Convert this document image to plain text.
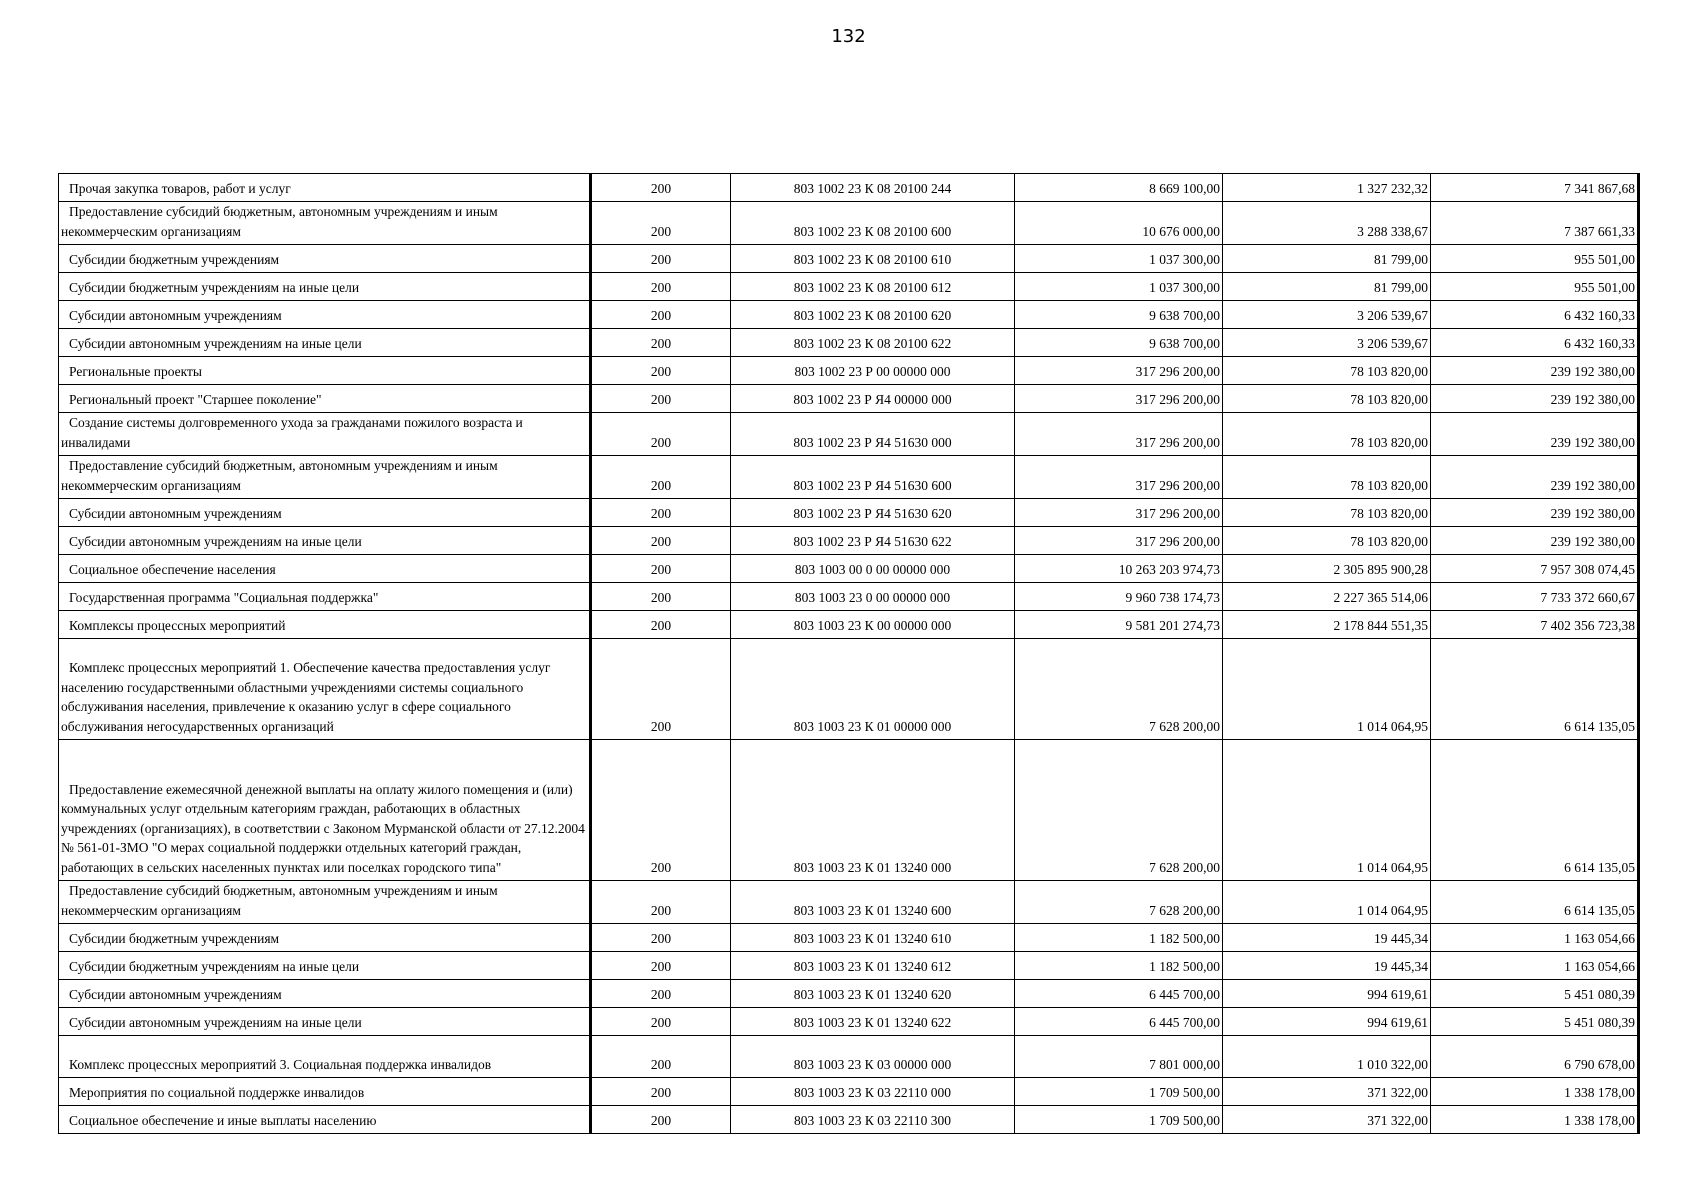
132
Прочая закупка товаров, работ и услуг	200	803 1002 23 К 08 20100 244	8 669 100,00	1 327 232,32	7 341 867,68

Предоставление субсидий бюджетным, автономным учреждениям и иным некоммерческим организациям	200	803 1002 23 К 08 20100 600	10 676 000,00	3 288 338,67	7 387 661,33

Субсидии бюджетным учреждениям	200	803 1002 23 К 08 20100 610	1 037 300,00	81 799,00	955 501,00

Субсидии бюджетным учреждениям на иные цели	200	803 1002 23 К 08 20100 612	1 037 300,00	81 799,00	955 501,00

Субсидии автономным учреждениям	200	803 1002 23 К 08 20100 620	9 638 700,00	3 206 539,67	6 432 160,33

Субсидии автономным учреждениям на иные цели	200	803 1002 23 К 08 20100 622	9 638 700,00	3 206 539,67	6 432 160,33

Региональные проекты	200	803 1002 23 Р 00 00000 000	317 296 200,00	78 103 820,00	239 192 380,00

Региональный проект "Старшее поколение"	200	803 1002 23 Р Я4 00000 000	317 296 200,00	78 103 820,00	239 192 380,00

Создание системы долговременного ухода за гражданами пожилого возраста и инвалидами	200	803 1002 23 Р Я4 51630 000	317 296 200,00	78 103 820,00	239 192 380,00

Предоставление субсидий бюджетным, автономным учреждениям и иным некоммерческим организациям	200	803 1002 23 Р Я4 51630 600	317 296 200,00	78 103 820,00	239 192 380,00

Субсидии автономным учреждениям	200	803 1002 23 Р Я4 51630 620	317 296 200,00	78 103 820,00	239 192 380,00

Субсидии автономным учреждениям на иные цели	200	803 1002 23 Р Я4 51630 622	317 296 200,00	78 103 820,00	239 192 380,00

Социальное обеспечение населения	200	803 1003 00 0 00 00000 000	10 263 203 974,73	2 305 895 900,28	7 957 308 074,45

Государственная программа "Социальная поддержка"	200	803 1003 23 0 00 00000 000	9 960 738 174,73	2 227 365 514,06	7 733 372 660,67

Комплексы процессных мероприятий	200	803 1003 23 К 00 00000 000	9 581 201 274,73	2 178 844 551,35	7 402 356 723,38

Комплекс процессных мероприятий 1. Обеспечение качества предоставления услуг населению государственными областными учреждениями системы социального обслуживания населения, привлечение к оказанию услуг в сфере социального обслуживания негосударственных организаций	200	803 1003 23 К 01 00000 000	7 628 200,00	1 014 064,95	6 614 135,05

Предоставление ежемесячной денежной выплаты на оплату жилого помещения и (или) коммунальных услуг отдельным категориям граждан, работающих в областных учреждениях (организациях), в соответствии с Законом Мурманской области от 27.12.2004 № 561-01-ЗМО "О мерах социальной поддержки отдельных категорий граждан, работающих в сельских населенных пунктах или поселках городского типа"	200	803 1003 23 К 01 13240 000	7 628 200,00	1 014 064,95	6 614 135,05

Предоставление субсидий бюджетным, автономным учреждениям и иным некоммерческим организациям	200	803 1003 23 К 01 13240 600	7 628 200,00	1 014 064,95	6 614 135,05

Субсидии бюджетным учреждениям	200	803 1003 23 К 01 13240 610	1 182 500,00	19 445,34	1 163 054,66

Субсидии бюджетным учреждениям на иные цели	200	803 1003 23 К 01 13240 612	1 182 500,00	19 445,34	1 163 054,66

Субсидии автономным учреждениям	200	803 1003 23 К 01 13240 620	6 445 700,00	994 619,61	5 451 080,39

Субсидии автономным учреждениям на иные цели	200	803 1003 23 К 01 13240 622	6 445 700,00	994 619,61	5 451 080,39

Комплекс процессных мероприятий 3. Социальная поддержка инвалидов	200	803 1003 23 К 03 00000 000	7 801 000,00	1 010 322,00	6 790 678,00

Мероприятия по социальной поддержке инвалидов	200	803 1003 23 К 03 22110 000	1 709 500,00	371 322,00	1 338 178,00

Социальное обеспечение и иные выплаты населению	200	803 1003 23 К 03 22110 300	1 709 500,00	371 322,00	1 338 178,00
